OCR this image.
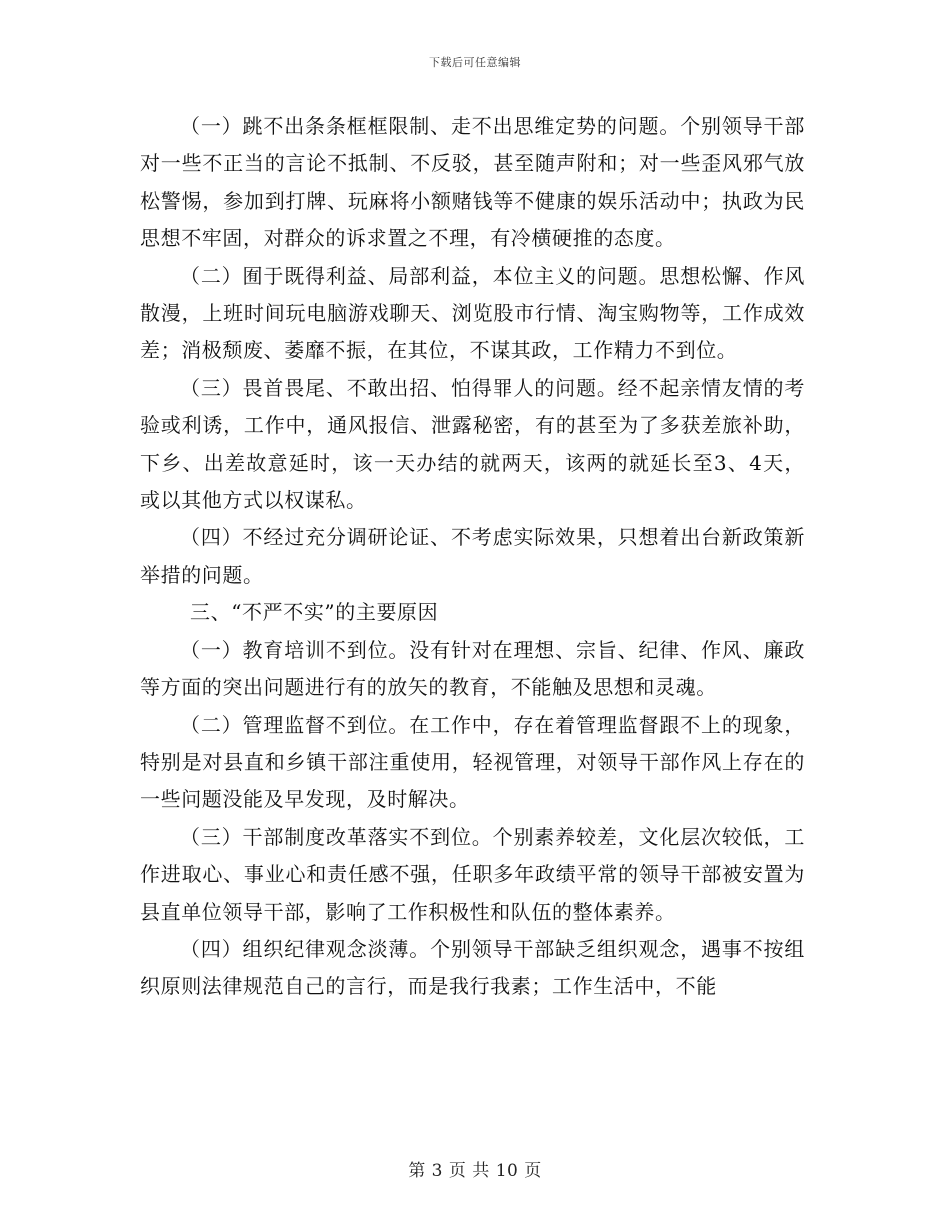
下载后可任意编辑

（一）跳不出条条框框限制、走不出思维定势的问题。个别领导干部对一些不正当的言论不抵制、不反驳，甚至随声附和；对一些歪风邪气放松警惕，参加到打牌、玩麻将小额赌钱等不健康的娱乐活动中；执政为民思想不牢固，对群众的诉求置之不理，有冷横硬推的态度。

（二）囿于既得利益、局部利益，本位主义的问题。思想松懈、作风散漫，上班时间玩电脑游戏聊天、浏览股市行情、淘宝购物等，工作成效差；消极颓废、萎靡不振，在其位，不谋其政，工作精力不到位。

（三）畏首畏尾、不敢出招、怕得罪人的问题。经不起亲情友情的考验或利诱，工作中，通风报信、泄露秘密，有的甚至为了多获差旅补助，下乡、出差故意延时，该一天办结的就两天，该两的就延长至3、4天，或以其他方式以权谋私。

（四）不经过充分调研论证、不考虑实际效果，只想着出台新政策新举措的问题。

三、“不严不实”的主要原因

（一）教育培训不到位。没有针对在理想、宗旨、纪律、作风、廉政等方面的突出问题进行有的放矢的教育，不能触及思想和灵魂。

（二）管理监督不到位。在工作中，存在着管理监督跟不上的现象，特别是对县直和乡镇干部注重使用，轻视管理，对领导干部作风上存在的一些问题没能及早发现，及时解决。

（三）干部制度改革落实不到位。个别素养较差，文化层次较低，工作进取心、事业心和责任感不强，任职多年政绩平常的领导干部被安置为县直单位领导干部，影响了工作积极性和队伍的整体素养。

（四）组织纪律观念淡薄。个别领导干部缺乏组织观念，遇事不按组织原则法律规范自己的言行，而是我行我素；工作生活中，不能

第 3 页 共 10 页
